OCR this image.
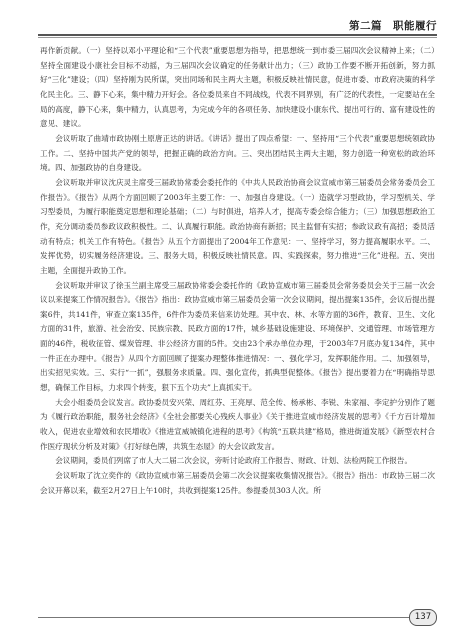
第二篇　职能履行

再作新贡献。（一）坚持以邓小平理论和“三个代表”重要思想为指导，把思想统一到市委三届四次会议精神上来；（二）坚持全面建设小康社会目标不动摇，为三届四次会议确定的任务献计出力；（三）政协工作要不断开拓创新，努力抓好“三化”建设；（四）坚持刚为民所谋，突出同场和民主两大主题，积极反映社情民意，促进市委、市政府决策的科学化民主化。三、静下心来，集中精力开好会。各位委员来自不同战线，代表不同界别，有广泛的代表性，一定要站在全局的高度，静下心来，集中精力，认真思考，为完成今年的各项任务、加快建设小康东代、提出可行的、富有建设性的意见、建议。

会议听取了曲靖市政协刚土原唐正达的讲话。《讲话》提出了四点希望：一、坚持用“三个代表”重要思想统领政协工作。二、坚持中国共产党的领导，把握正确的政治方向。三、突出团结民主两大主题，努力创造一种宽松的政治环境。四、加强政协的自身建设。

会议听取并审议沈庆灵主席受三届政协常委会委托作的《中共人民政治协商会议宣威市第三届委员会常务委员会工作报告》。《报告》从两个方面回顾了2003年主要工作：一、加强自身建设。（一）造就学习型政协，学习型机关、学习型委员，为履行职能奠定思想和理论基础；（二）与时俱进，培养人才，提高专委会综合能力；（三）加强思想政治工作，充分调动委员参政议政积极性。二、认真履行职能。政治协商有新招；民主监督有实招；参政议政有高招；委员活动有特点；机关工作有特色。《报告》从五个方面提出了2004年工作意见：一、坚持学习，努力提高履职水平。二、发挥优势，切实履务经济建设。三、服务大局，积极反映社情民意。四、实践探索，努力推进“三化”进程。五、突出主题，全面提升政协工作。

会议听取并审议了徐玉兰副主席受三届政协常委会委托作的《政协宣威市第三届委员会常务委员会关于三届一次会议以来提案工作情况报告》。《报告》指出：政协宣威市第三届委员会第一次会议期间，提出提案135件，会议后提出提案6件，共141件，审查立案135件，6件作为委员来信来访处理。其中农、林、水等方面的36件，教育、卫生、文化方面的31件，旅游、社会治安、民族宗教、民政方面的17件，城乡基础设施建设、环境保护、交通管理、市场管理方面的46件，税收征管、煤炭管理、非公经济方面的5件。交由23个承办单位办理，于2003年7月底办复134件，其中一件正在办理中。《报告》从四个方面回顾了提案办理整体推进情况：一、强化学习，发挥职能作用。二、加强领导，出实招见实效。三、实行“一抓”，强服务求质量。四、强化宣传，抓典型促整体。《报告》提出要着力在“明确指导思想，确保工作目标，力求四个转变，狠下五个功夫”上真抓实干。

大会小组委员会议发言。政协委员安兴荣、周红芬、王亮厚、范全传、杨承彬、李锐、朱家福、李定护分别作了题为《履行政治职能，服务社会经济》《全社会都要关心残疾人事业》《关于推进宣威市经济发展的思考》《千方百计增加收入，促进农业增效和农民增收》《推进宣威城镇化进程的思考》《构筑“五联共建”格局，推进街道发展》《新型农村合作医疗现状分析及对策》《打好绿色牌，共筑生态屋》的大会议政发言。

会议期间，委员们列席了市人大二届二次会议，旁听讨论政府工作报告、财政、计划、法检两院工作报告。

会议听取了沈立奕作的《政协宣威市第三届委员会第二次会议提案收集情况报告》。《报告》指出：市政协三届二次会议开幕以来，截至2月27日上午10时，共收到提案125件。参提委员303人次。所

137
